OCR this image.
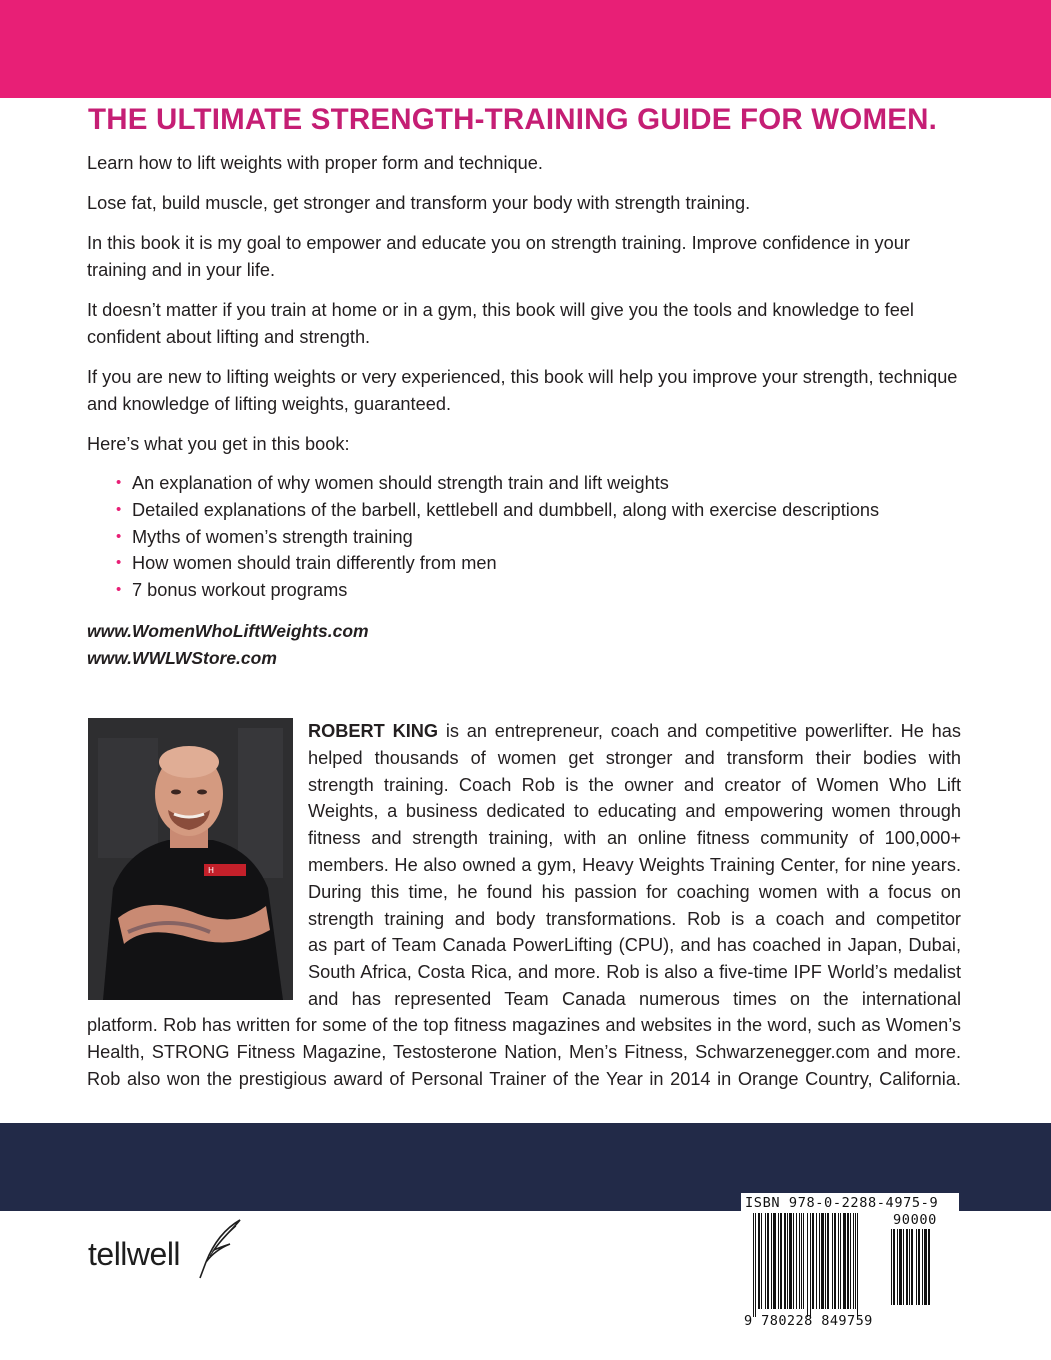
THE ULTIMATE STRENGTH-TRAINING GUIDE FOR WOMEN.

Learn how to lift weights with proper form and technique.

Lose fat, build muscle, get stronger and transform your body with strength training.

In this book it is my goal to empower and educate you on strength training. Improve confidence in your training and in your life.

It doesn’t matter if you train at home or in a gym, this book will give you the tools and knowledge to feel confident about lifting and strength.

If you are new to lifting weights or very experienced, this book will help you improve your strength, technique and knowledge of lifting weights, guaranteed.

Here’s what you get in this book:

• An explanation of why women should strength train and lift weights
• Detailed explanations of the barbell, kettlebell and dumbbell, along with exercise descriptions
• Myths of women’s strength training
• How women should train differently from men
• 7 bonus workout programs
www.WomenWhoLiftWeights.com
www.WWLWStore.com
H
ROBERT KING is an entrepreneur, coach and competitive powerlifter. He has
helped thousands of women get stronger and transform their bodies with
strength training. Coach Rob is the owner and creator of Women Who Lift
Weights, a business dedicated to educating and empowering women through
fitness and strength training, with an online fitness community of 100,000+
members. He also owned a gym, Heavy Weights Training Center, for nine years.
During this time, he found his passion for coaching women with a focus on
strength training and body transformations. Rob is a coach and competitor
as part of Team Canada PowerLifting (CPU), and has coached in Japan, Dubai,
South Africa, Costa Rica, and more. Rob is also a five-time IPF World’s medalist
and has represented Team Canada numerous times on the international
platform. Rob has written for some of the top fitness magazines and websites in the word, such as Women’s
Health, STRONG Fitness Magazine, Testosterone Nation, Men’s Fitness, Schwarzenegger.com and more.
Rob also won the prestigious award of Personal Trainer of the Year in 2014 in Orange Country, California.
tellwell
ISBN 978-0-2288-4975-9
90000
9 780228 849759
